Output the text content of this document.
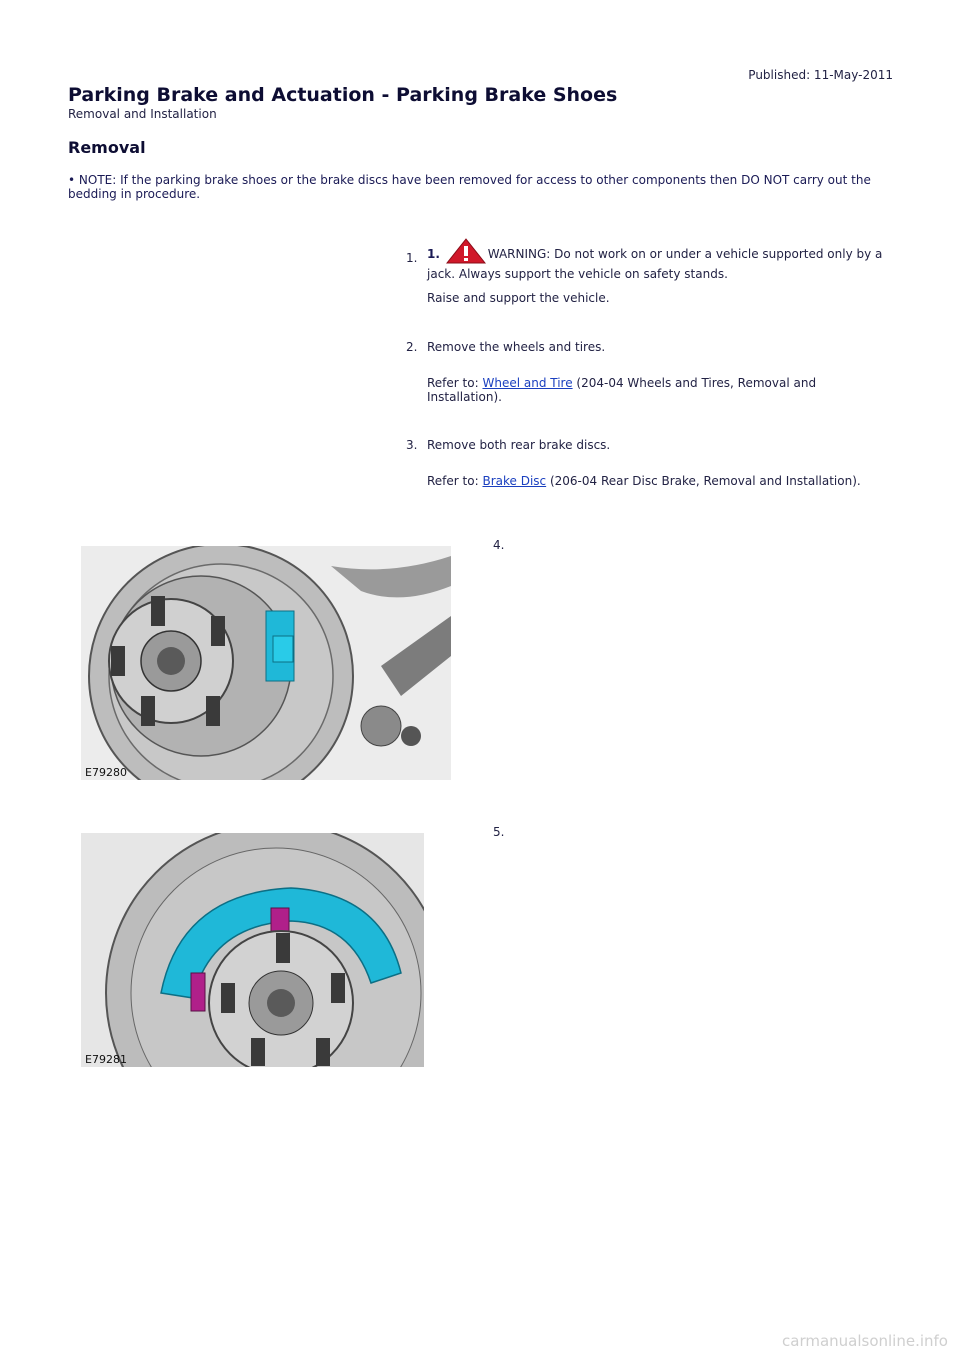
Published: 11-May-2011
Parking Brake and Actuation - Parking Brake Shoes
Removal and Installation
Removal
• NOTE: If the parking brake shoes or the brake discs have been removed for access to other components then DO NOT carry out the bedding in procedure.
1. 1.	WARNING: Do not work on or under a vehicle supported only by a jack. Always support the vehicle on safety stands.
Raise and support the vehicle.
2. Remove the wheels and tires.
Refer to: Wheel and Tire (204-04 Wheels and Tires, Removal and Installation).
3. Remove both rear brake discs.
Refer to: Brake Disc (206-04 Rear Disc Brake, Removal and Installation).
4.
E79280
5.
E79281
carmanualsonline.info
